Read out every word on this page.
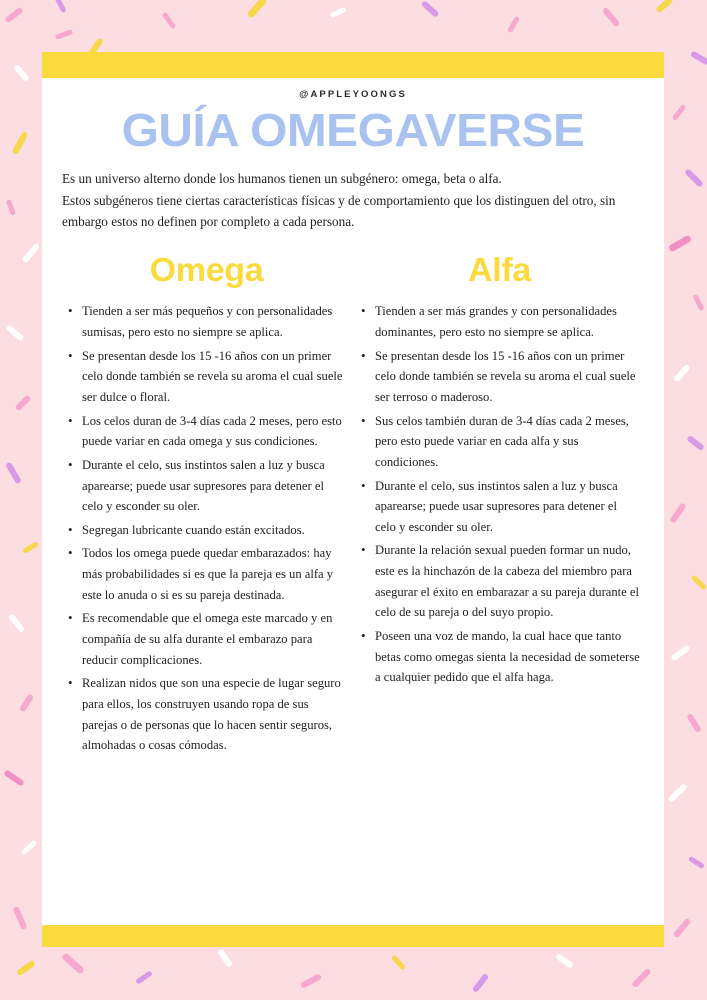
@APPLEYOONGS
GUÍA OMEGAVERSE

Es un universo alterno donde los humanos tienen un subgénero: omega, beta o alfa.

Estos subgéneros tiene ciertas características físicas y de comportamiento que los distinguen del otro, sin embargo estos no definen por completo a cada persona.

Omega
• Tienden a ser más pequeños y con personalidades sumisas, pero esto no siempre se aplica.
• Se presentan desde los 15 -16 años con un primer celo donde también se revela su aroma el cual suele ser dulce o floral.
• Los celos duran de 3-4 días cada 2 meses, pero esto puede variar en cada omega y sus condiciones.
• Durante el celo, sus instintos salen a luz y busca aparearse; puede usar supresores para detener el celo y esconder su oler.
• Segregan lubricante cuando están excitados.
• Todos los omega puede quedar embarazados: hay más probabilidades si es que la pareja es un alfa y este lo anuda o si es su pareja destinada.
• Es recomendable que el omega este marcado y en compañía de su alfa durante el embarazo para reducir complicaciones.
• Realizan nidos que son una especie de lugar seguro para ellos, los construyen usando ropa de sus parejas o de personas que lo hacen sentir seguros, almohadas o cosas cómodas.
Alfa
• Tienden a ser más grandes y con personalidades dominantes, pero esto no siempre se aplica.
• Se presentan desde los 15 -16 años con un primer celo donde también se revela su aroma el cual suele ser terroso o maderoso.
• Sus celos también duran de 3-4 días cada 2 meses, pero esto puede variar en cada alfa y sus condiciones.
• Durante el celo, sus instintos salen a luz y busca aparearse; puede usar supresores para detener el celo y esconder su oler.
• Durante la relación sexual pueden formar un nudo, este es la hinchazón de la cabeza del miembro para asegurar el éxito en embarazar a su pareja durante el celo de su pareja o del suyo propio.
• Poseen una voz de mando, la cual hace que tanto betas como omegas sienta la necesidad de someterse a cualquier pedido que el alfa haga.
